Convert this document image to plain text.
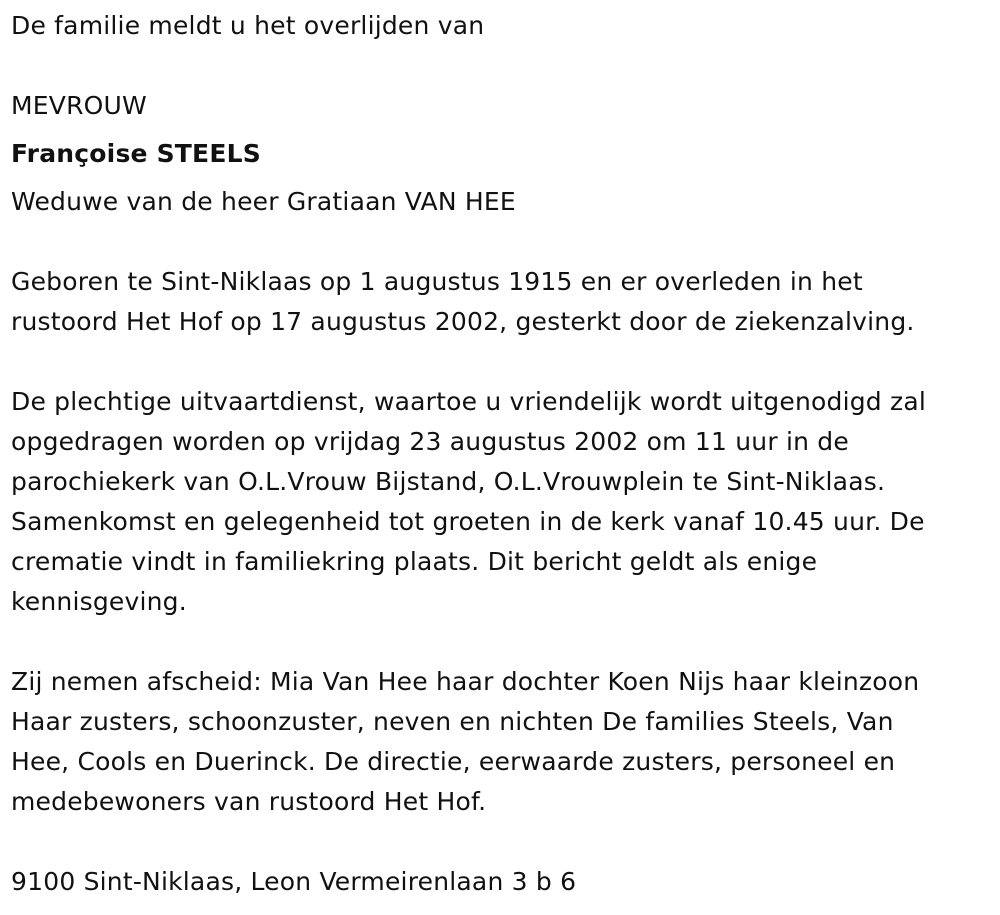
De familie meldt u het overlijden van
MEVROUW
Françoise STEELS
Weduwe van de heer Gratiaan VAN HEE
Geboren te Sint-Niklaas op 1 augustus 1915 en er overleden in het
rustoord Het Hof op 17 augustus 2002, gesterkt door de ziekenzalving.
De plechtige uitvaartdienst, waartoe u vriendelijk wordt uitgenodigd zal
opgedragen worden op vrijdag 23 augustus 2002 om 11 uur in de
parochiekerk van O.L.Vrouw Bijstand, O.L.Vrouwplein te Sint-Niklaas.
Samenkomst en gelegenheid tot groeten in de kerk vanaf 10.45 uur. De
crematie vindt in familiekring plaats. Dit bericht geldt als enige
kennisgeving.
Zij nemen afscheid: Mia Van Hee haar dochter Koen Nijs haar kleinzoon
Haar zusters, schoonzuster, neven en nichten De families Steels, Van
Hee, Cools en Duerinck. De directie, eerwaarde zusters, personeel en
medebewoners van rustoord Het Hof.
9100 Sint-Niklaas, Leon Vermeirenlaan 3 b 6
